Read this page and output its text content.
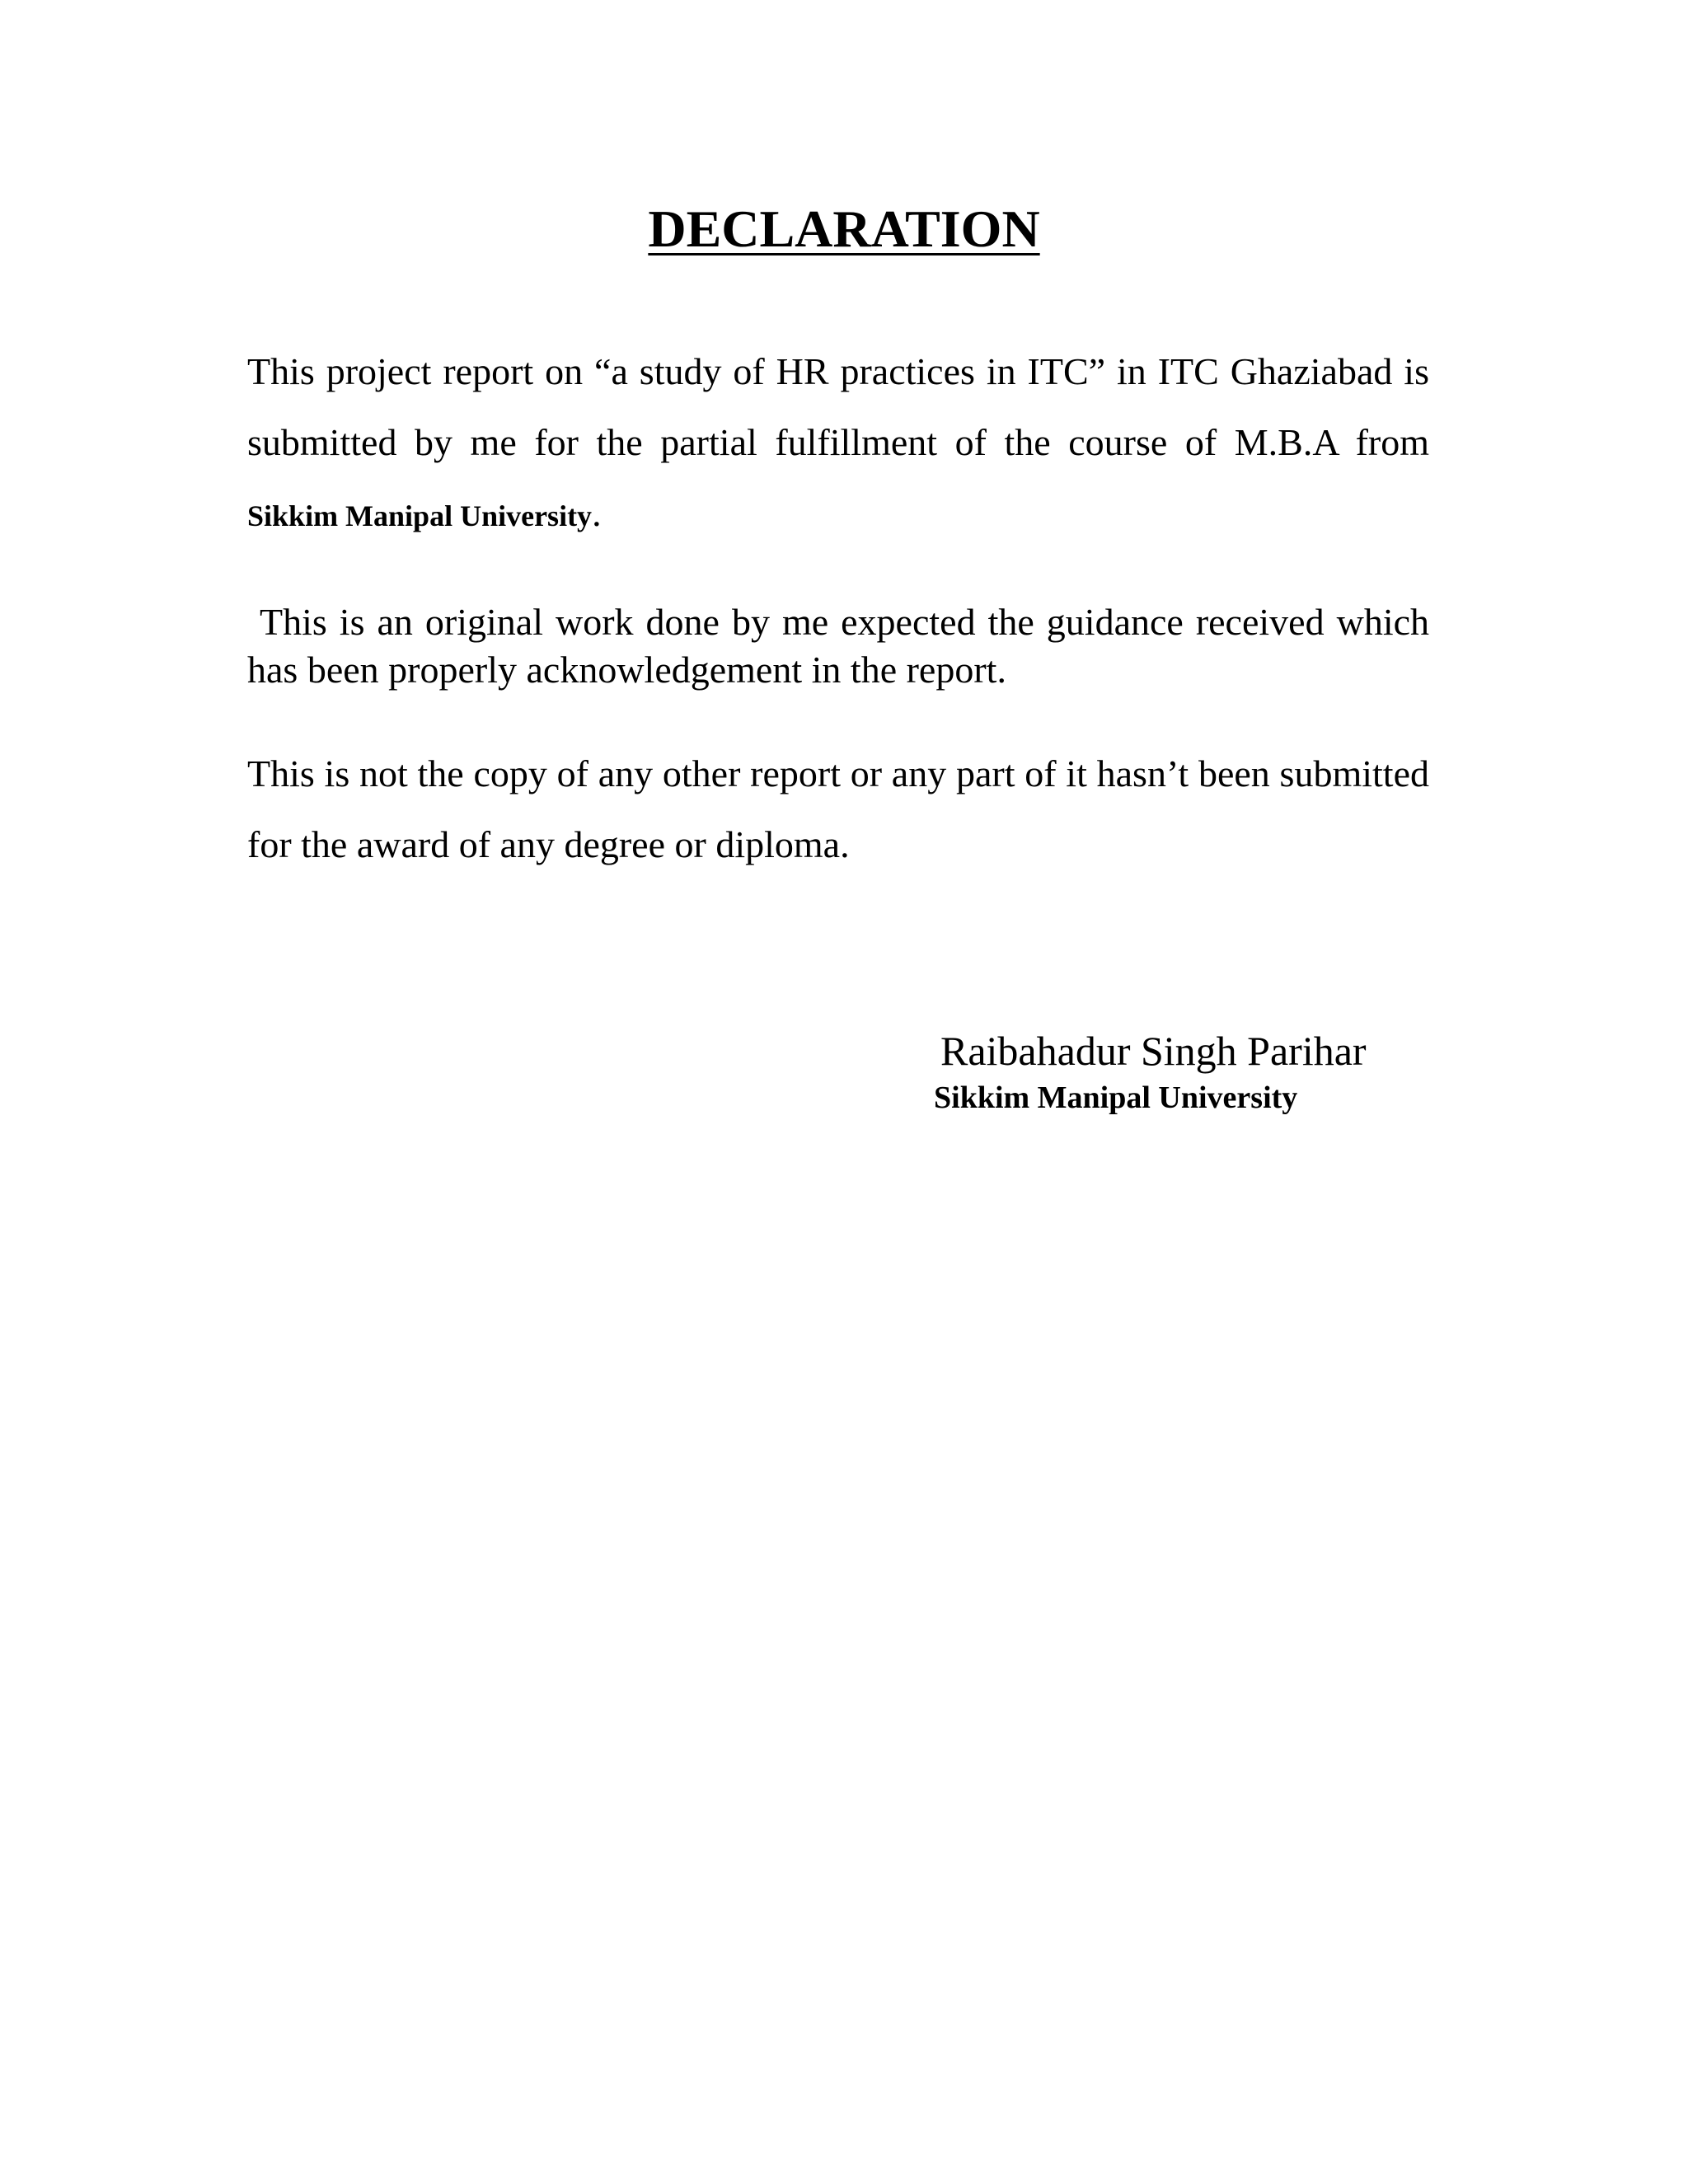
DECLARATION

This project report on “a study of HR practices in ITC” in ITC Ghaziabad is submitted by me for the partial fulfillment of the course of M.B.A from Sikkim Manipal University.

This is an original work done by me expected the guidance received which has been properly acknowledgement in the report.

This is not the copy of any other report or any part of it hasn’t been submitted for the award of any degree or diploma.

Raibahadur Singh Parihar

Sikkim Manipal University
